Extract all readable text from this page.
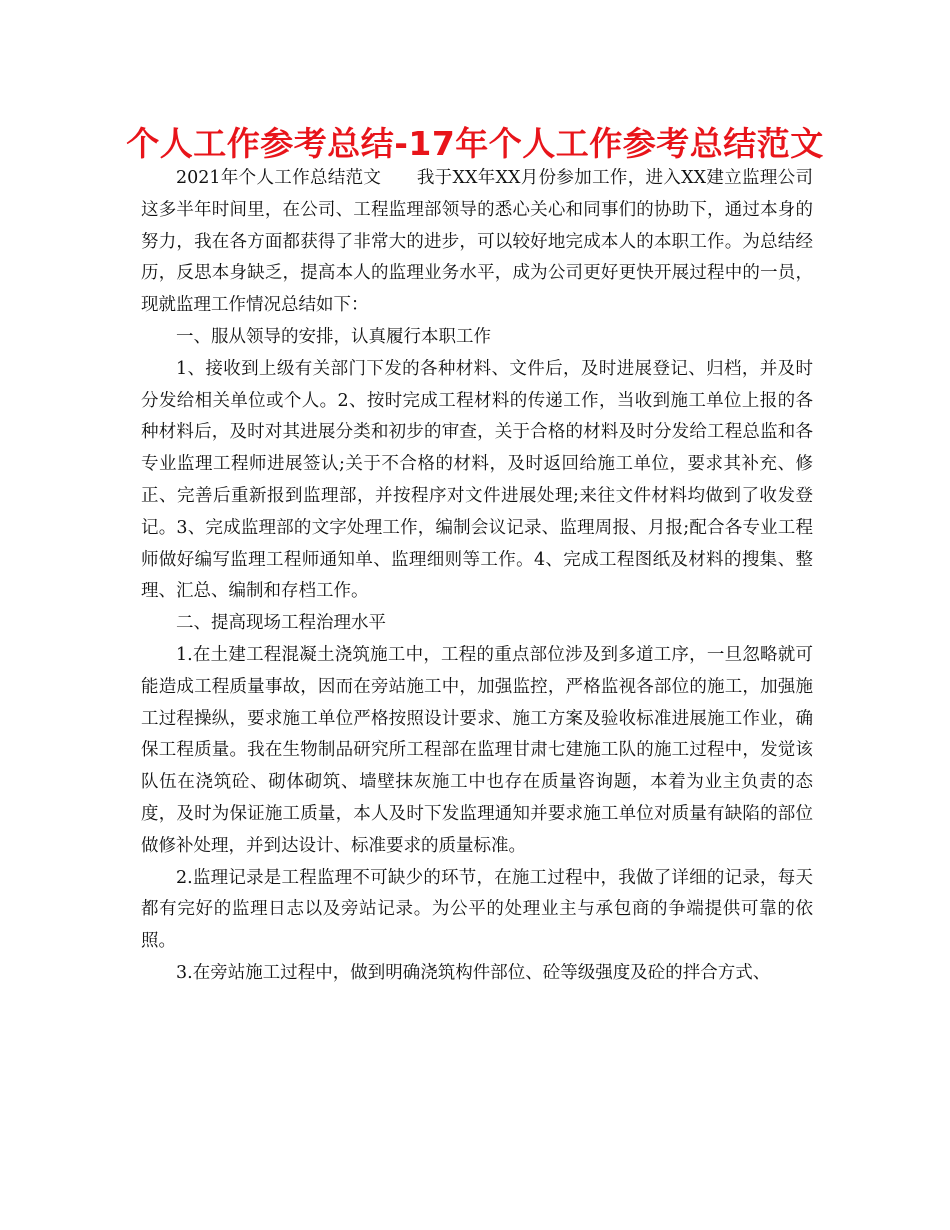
个人工作参考总结-17年个人工作参考总结范文

2021年个人工作总结范文　　我于XX年XX月份参加工作，进入XX建立监理公司这多半年时间里，在公司、工程监理部领导的悉心关心和同事们的协助下，通过本身的努力，我在各方面都获得了非常大的进步，可以较好地完成本人的本职工作。为总结经历，反思本身缺乏，提高本人的监理业务水平，成为公司更好更快开展过程中的一员，现就监理工作情况总结如下：

一、服从领导的安排，认真履行本职工作

1、接收到上级有关部门下发的各种材料、文件后，及时进展登记、归档，并及时分发给相关单位或个人。2、按时完成工程材料的传递工作，当收到施工单位上报的各种材料后，及时对其进展分类和初步的审查，关于合格的材料及时分发给工程总监和各专业监理工程师进展签认;关于不合格的材料，及时返回给施工单位，要求其补充、修正、完善后重新报到监理部，并按程序对文件进展处理;来往文件材料均做到了收发登记。3、完成监理部的文字处理工作，编制会议记录、监理周报、月报;配合各专业工程师做好编写监理工程师通知单、监理细则等工作。4、完成工程图纸及材料的搜集、整理、汇总、编制和存档工作。

二、提高现场工程治理水平

1.在土建工程混凝土浇筑施工中，工程的重点部位涉及到多道工序，一旦忽略就可能造成工程质量事故，因而在旁站施工中，加强监控，严格监视各部位的施工，加强施工过程操纵，要求施工单位严格按照设计要求、施工方案及验收标准进展施工作业，确保工程质量。我在生物制品研究所工程部在监理甘肃七建施工队的施工过程中，发觉该队伍在浇筑砼、砌体砌筑、墙壁抹灰施工中也存在质量咨询题，本着为业主负责的态度，及时为保证施工质量，本人及时下发监理通知并要求施工单位对质量有缺陷的部位做修补处理，并到达设计、标准要求的质量标准。

2.监理记录是工程监理不可缺少的环节，在施工过程中，我做了详细的记录，每天都有完好的监理日志以及旁站记录。为公平的处理业主与承包商的争端提供可靠的依照。

3.在旁站施工过程中，做到明确浇筑构件部位、砼等级强度及砼的拌合方式、
